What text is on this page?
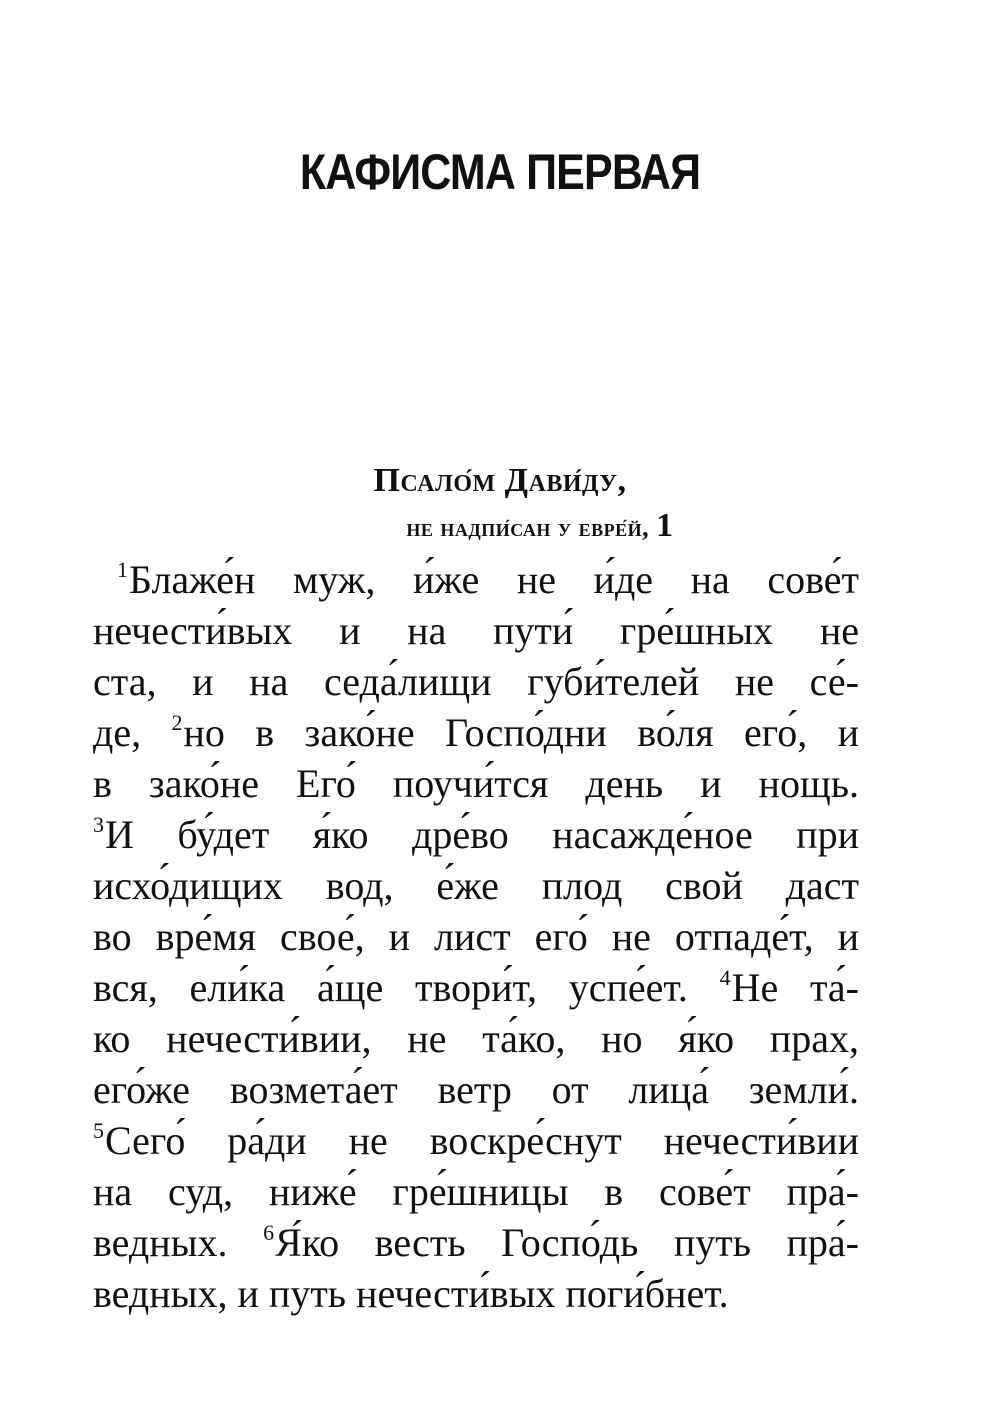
КАФИСМА ПЕРВАЯ
Псало́м Дави́ду,
не надпи́сан у евре́й, 1
$^1$Блаже́н муж, и́же не и́де на сове́т
нечести́вых и на пути́ гре́шных не
ста, и на седа́лищи губи́телей не се́-
де, $^2$но в зако́не Госпо́дни во́ля его́, и
в зако́не Его́ поучи́тся день и нощь.
$^3$И бу́дет я́ко дре́во насажде́ное при
исхо́дищих вод, е́же плод свой даст
во вре́мя свое́, и лист его́ не отпаде́т, и
вся, ели́ка а́ще твори́т, успе́ет. $^4$Не та́-
ко нечести́вии, не та́ко, но я́ко прах,
его́же возмета́ет ветр от лица́ земли́.
$^5$Сего́ ра́ди не воскре́снут нечести́вии
на суд, ниже́ гре́шницы в сове́т пра́-
ведных. $^6$Я́ко весть Госпо́дь путь пра́-
ведных, и путь нечести́вых поги́бнет.
